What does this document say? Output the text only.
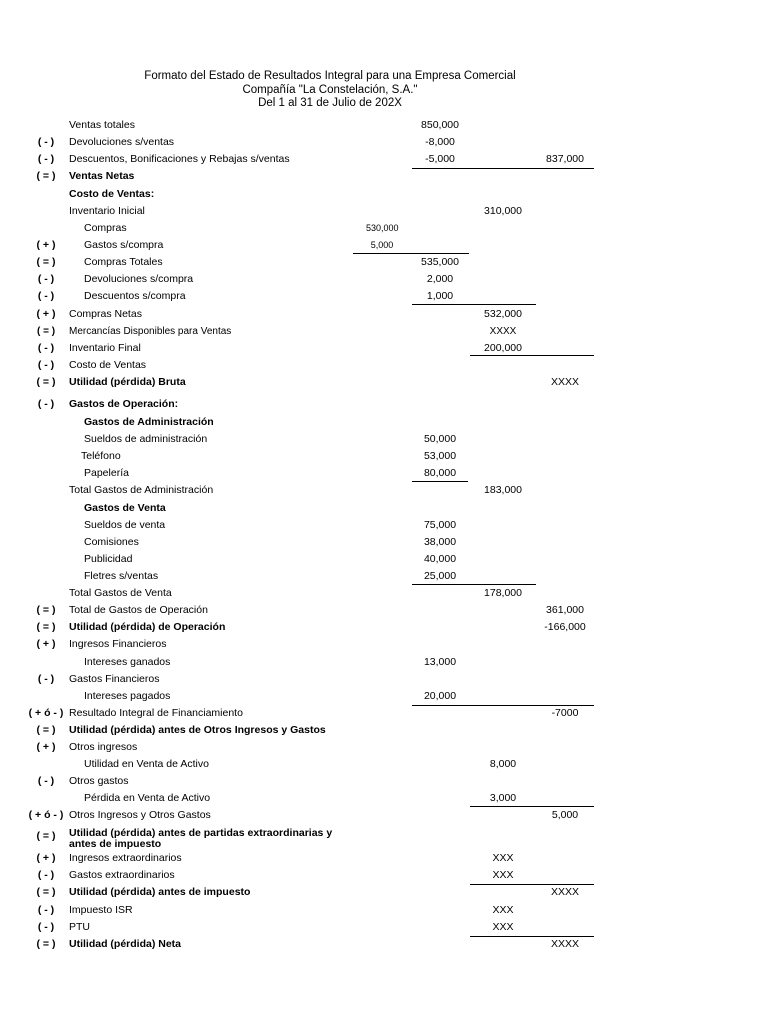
Formato del Estado de Resultados Integral para una Empresa Comercial
Compañía "La Constelación, S.A."
Del 1 al 31 de Julio de 202X
Ventas totales	850,000
( - )	Devoluciones s/ventas	-8,000
( - )	Descuentos, Bonificaciones y Rebajas s/ventas	-5,000	837,000
( = )	Ventas Netas
Costo de Ventas:
Inventario Inicial	310,000
Compras	530,000
( + )	Gastos s/compra	5,000
( = )	Compras Totales	535,000
( - )	Devoluciones s/compra	2,000
( - )	Descuentos s/compra	1,000
( + )	Compras Netas	532,000
( = )	Mercancías Disponibles para Ventas	XXXX
( - )	Inventario Final	200,000
( - )	Costo de Ventas
( = )	Utilidad (pérdida) Bruta	XXXX
( - )	Gastos de Operación:
Gastos de Administración
Sueldos de administración	50,000
Teléfono	53,000
Papelería	80,000
Total Gastos de Administración	183,000
Gastos de Venta
Sueldos de venta	75,000
Comisiones	38,000
Publicidad	40,000
Fletres s/ventas	25,000
Total Gastos de Venta	178,000
( = )	Total de Gastos de Operación	361,000
( = )	Utilidad (pérdida) de Operación	-166,000
( + )	Ingresos Financieros
Intereses ganados	13,000
( - )	Gastos Financieros
Intereses pagados	20,000
( + ó - ) Resultado Integral de Financiamiento	-7000
( = )	Utilidad (pérdida) antes de Otros Ingresos y Gastos
( + )	Otros ingresos
Utilidad en Venta de Activo	8,000
( - )	Otros gastos
Pérdida en Venta de Activo	3,000
( + ó - ) Otros Ingresos y Otros Gastos	5,000
( = )	Utilidad (pérdida) antes de partidas extraordinarias y antes de impuesto
( + )	Ingresos extraordinarios	XXX
( - )	Gastos extraordinarios	XXX
( = )	Utilidad (pérdida) antes de impuesto	XXXX
( - )	Impuesto ISR	XXX
( - )	PTU	XXX
( = )	Utilidad (pérdida) Neta	XXXX
